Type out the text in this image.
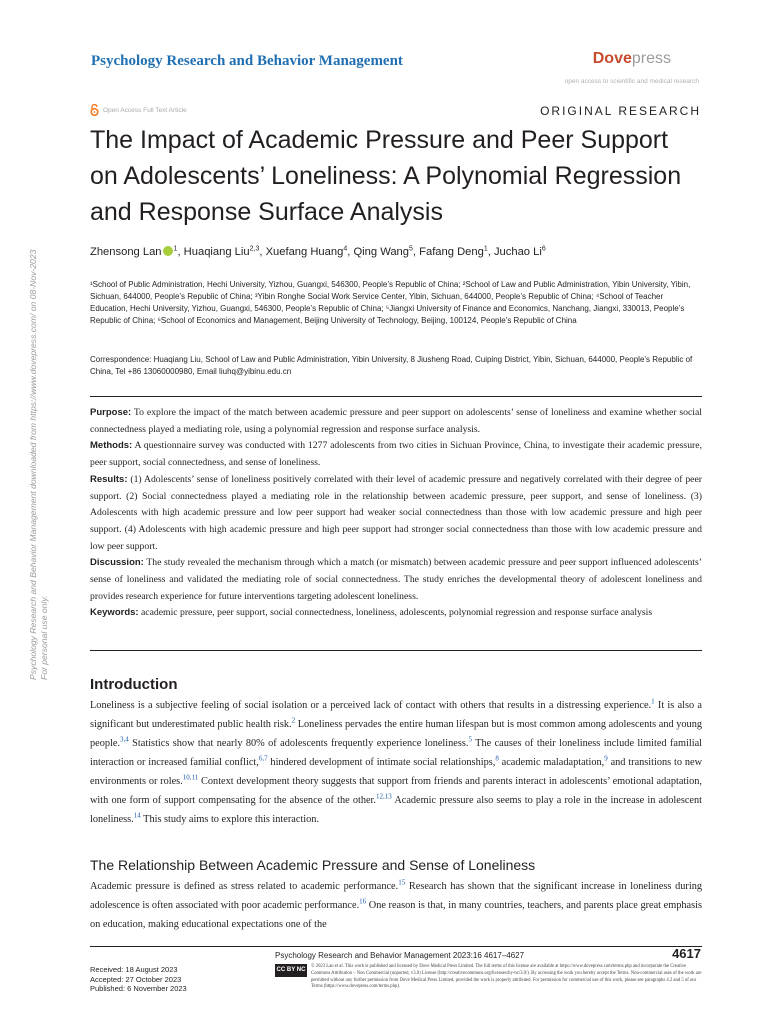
Psychology Research and Behavior Management downloaded from https://www.dovepress.com/ on 08-Nov-2023 For personal use only.
Psychology Research and Behavior Management	Dovepress
open access to scientific and medical research
Open Access Full Text Article	ORIGINAL RESEARCH
The Impact of Academic Pressure and Peer Support on Adolescents’ Loneliness: A Polynomial Regression and Response Surface Analysis
Zhensong Lan $^1$, Huaqiang Liu$^{2,3}$, Xuefang Huang$^4$, Qing Wang$^5$, Fafang Deng$^1$, Juchao Li$^6$
¹School of Public Administration, Hechi University, Yizhou, Guangxi, 546300, People’s Republic of China; ²School of Law and Public Administration, Yibin University, Yibin, Sichuan, 644000, People’s Republic of China; ³Yibin Ronghe Social Work Service Center, Yibin, Sichuan, 644000, People’s Republic of China; ⁴School of Teacher Education, Hechi University, Yizhou, Guangxi, 546300, People’s Republic of China; ⁵Jiangxi University of Finance and Economics, Nanchang, Jiangxi, 330013, People’s Republic of China; ⁶School of Economics and Management, Beijing University of Technology, Beijing, 100124, People’s Republic of China
Correspondence: Huaqiang Liu, School of Law and Public Administration, Yibin University, 8 Jiusheng Road, Cuiping District, Yibin, Sichuan, 644000, People’s Republic of China, Tel +86 13060000980, Email liuhq@yibinu.edu.cn

Purpose: To explore the impact of the match between academic pressure and peer support on adolescents’ sense of loneliness and examine whether social connectedness played a mediating role, using a polynomial regression and response surface analysis.

Methods: A questionnaire survey was conducted with 1277 adolescents from two cities in Sichuan Province, China, to investigate their academic pressure, peer support, social connectedness, and sense of loneliness.

Results: (1) Adolescents’ sense of loneliness positively correlated with their level of academic pressure and negatively correlated with their degree of peer support. (2) Social connectedness played a mediating role in the relationship between academic pressure, peer support, and sense of loneliness. (3) Adolescents with high academic pressure and low peer support had weaker social connectedness than those with low academic pressure and high peer support. (4) Adolescents with high academic pressure and high peer support had stronger social connectedness than those with low academic pressure and low peer support.

Discussion: The study revealed the mechanism through which a match (or mismatch) between academic pressure and peer support influenced adolescents’ sense of loneliness and validated the mediating role of social connectedness. The study enriches the developmental theory of adolescent loneliness and provides research experience for future interventions targeting adolescent loneliness.

Keywords: academic pressure, peer support, social connectedness, loneliness, adolescents, polynomial regression and response surface analysis

Introduction

Loneliness is a subjective feeling of social isolation or a perceived lack of contact with others that results in a distressing experience.$^1$ It is also a significant but underestimated public health risk.$^2$ Loneliness pervades the entire human lifespan but is most common among adolescents and young people.$^{3,4}$ Statistics show that nearly 80% of adolescents frequently experience loneliness.$^5$ The causes of their loneliness include limited familial interaction or increased familial conflict,$^{6,7}$ hindered development of intimate social relationships,$^8$ academic maladaptation,$^9$ and transitions to new environments or roles.$^{10,11}$ Context development theory suggests that support from friends and parents interact in adolescents’ emotional adaptation, with one form of support compensating for the absence of the other.$^{12,13}$ Academic pressure also seems to play a role in the increase in adolescent loneliness.$^{14}$ This study aims to explore this interaction.

The Relationship Between Academic Pressure and Sense of Loneliness

Academic pressure is defined as stress related to academic performance.$^{15}$ Research has shown that the significant increase in loneliness during adolescence is often associated with poor academic performance.$^{16}$ One reason is that, in many countries, teachers, and parents place great emphasis on education, making educational expectations one of the

Psychology Research and Behavior Management 2023:16 4617–4627	4617
Received: 18 August 2023
Accepted: 27 October 2023
Published: 6 November 2023
CC BY NC
© 2023 Lan et al. This work is published and licensed by Dove Medical Press Limited. The full terms of this license are available at https://www.dovepress.com/terms.php and incorporate the Creative Commons Attribution – Non Commercial (unported, v3.0) License (http://creativecommons.org/licenses/by-nc/3.0/). By accessing the work you hereby accept the Terms. Non-commercial uses of the work are permitted without any further permission from Dove Medical Press Limited, provided the work is properly attributed. For permission for commercial use of this work, please see paragraphs 4.2 and 5 of our Terms (https://www.dovepress.com/terms.php).
